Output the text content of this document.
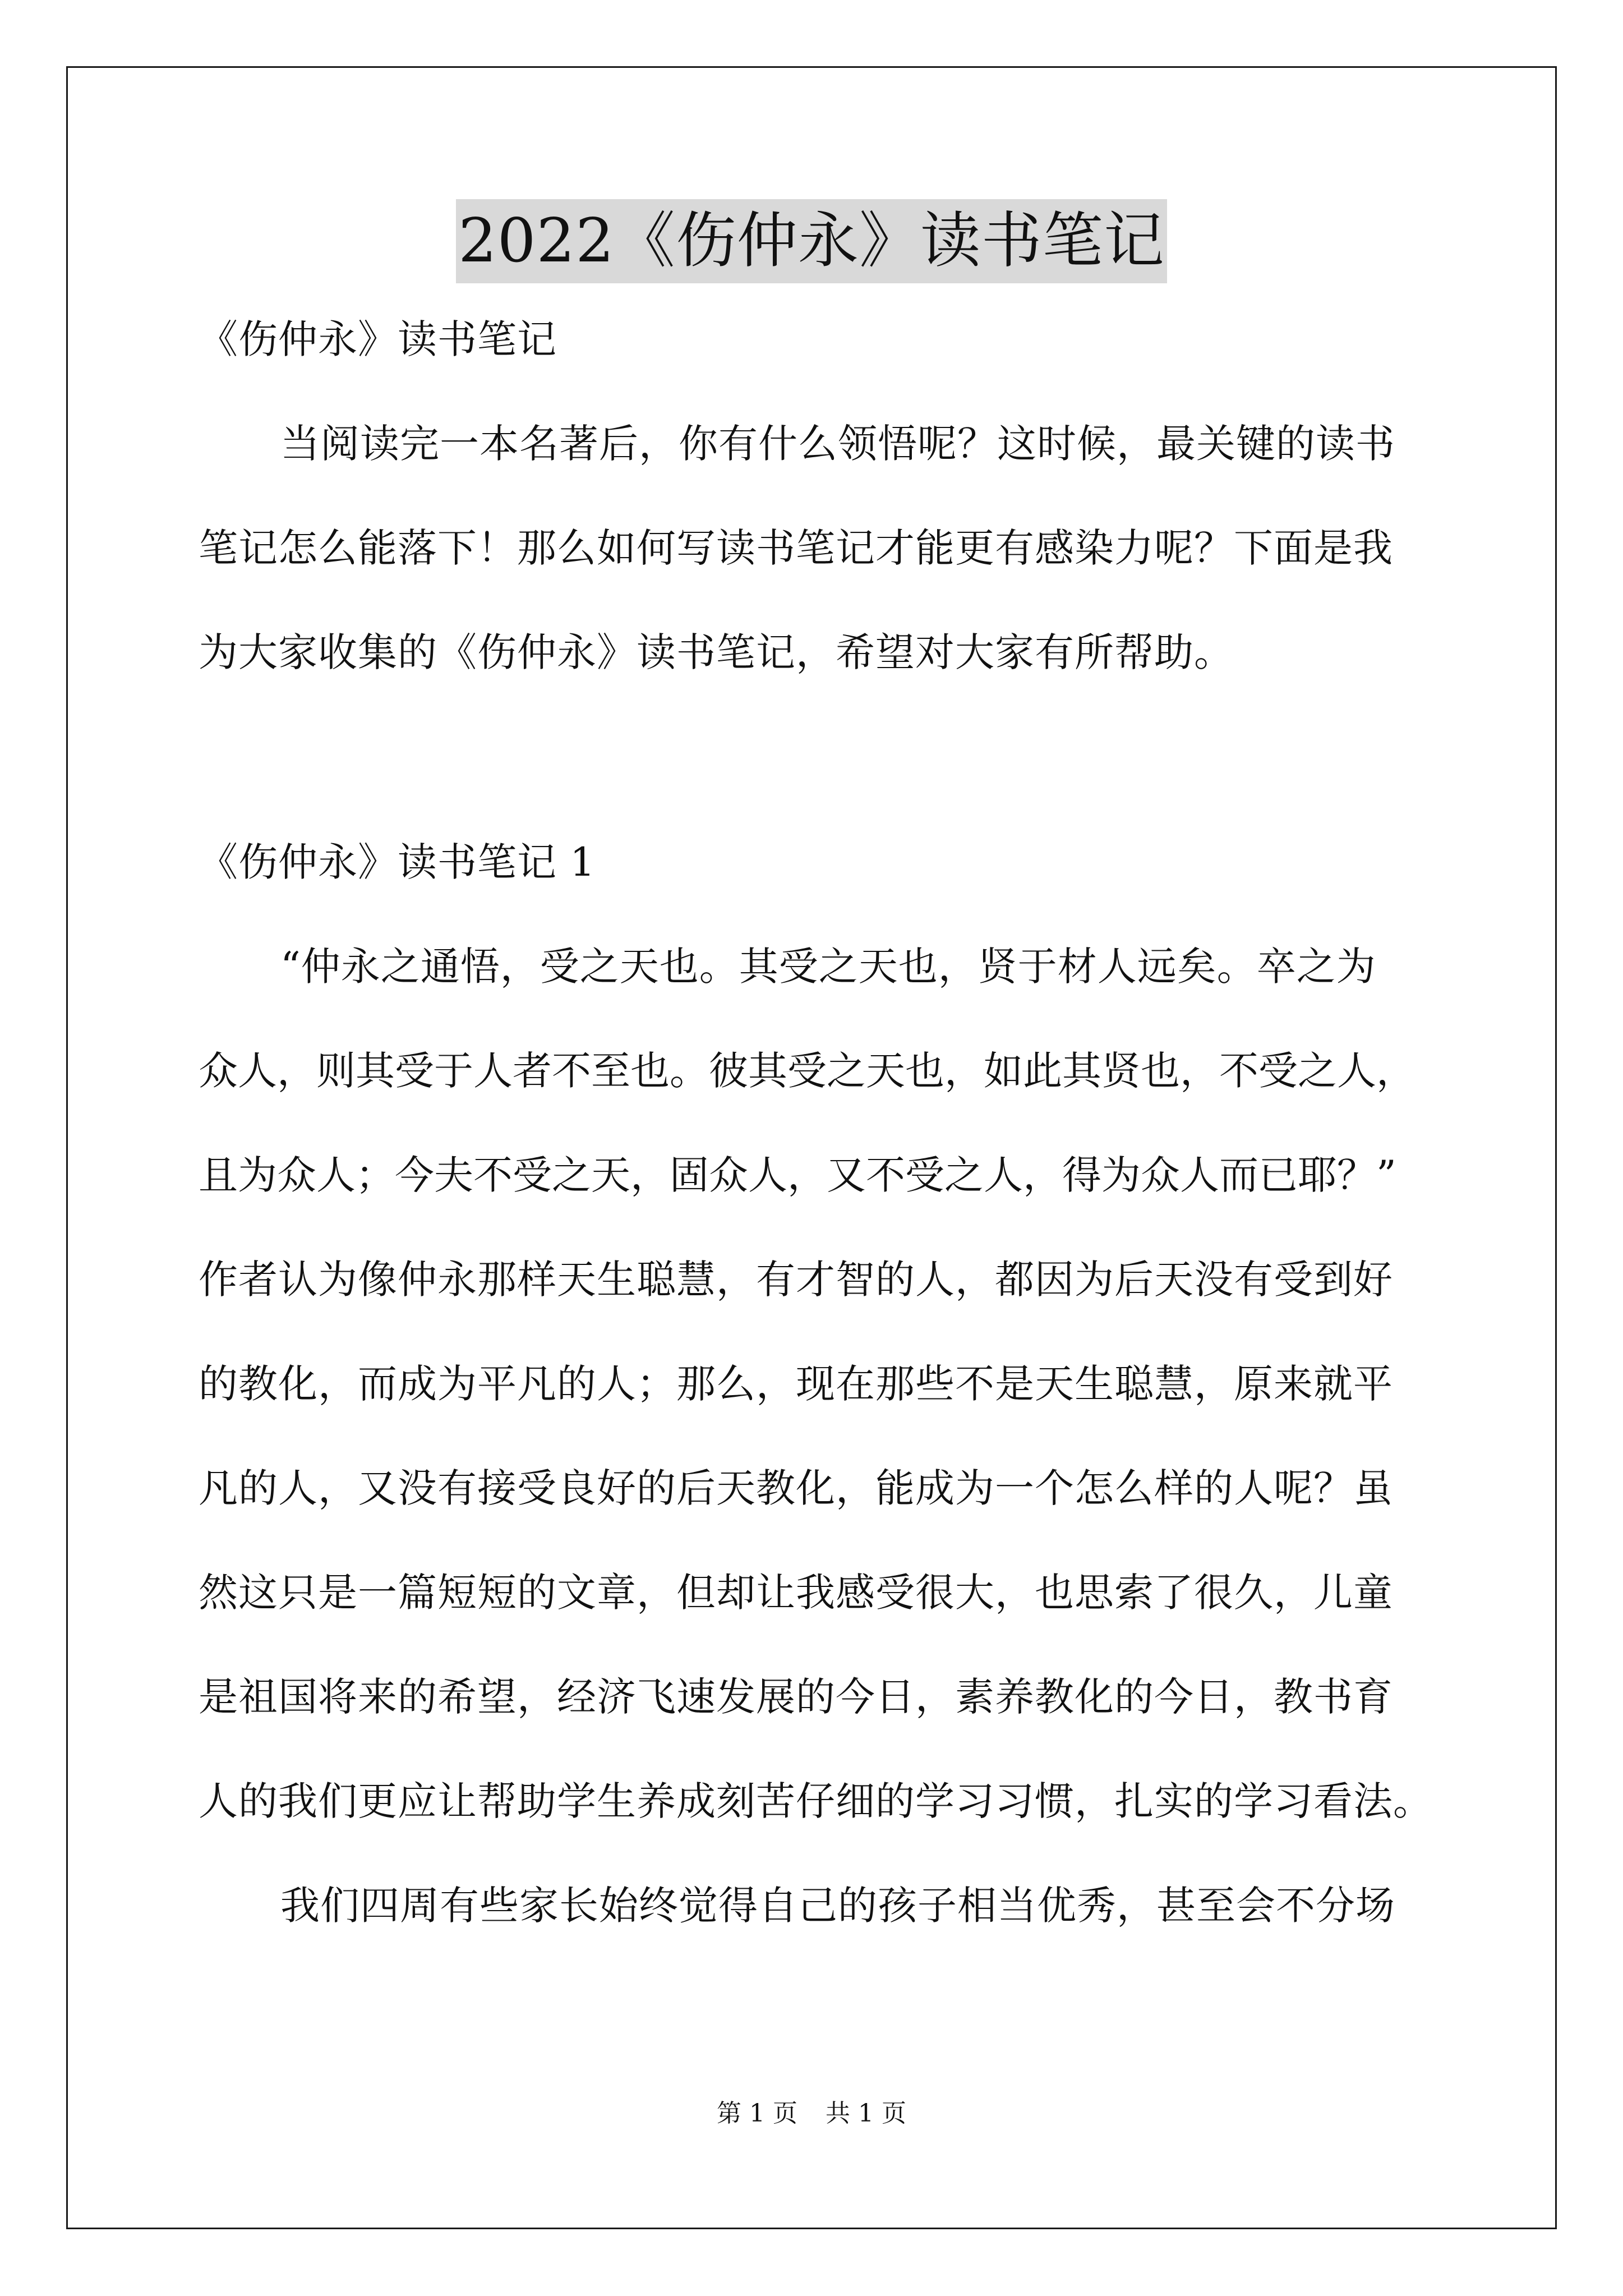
2022《伤仲永》读书笔记
《伤仲永》读书笔记
当阅读完一本名著后，你有什么领悟呢？这时候，最关键的读书
笔记怎么能落下！那么如何写读书笔记才能更有感染力呢？下面是我
为大家收集的《伤仲永》读书笔记，希望对大家有所帮助。
《伤仲永》读书笔记 1
“仲永之通悟，受之天也。其受之天也，贤于材人远矣。卒之为
众人，则其受于人者不至也。彼其受之天也，如此其贤也，不受之人，
且为众人；今夫不受之天，固众人，又不受之人，得为众人而已耶？”
作者认为像仲永那样天生聪慧，有才智的人，都因为后天没有受到好
的教化，而成为平凡的人；那么，现在那些不是天生聪慧，原来就平
凡的人，又没有接受良好的后天教化，能成为一个怎么样的人呢？虽
然这只是一篇短短的文章，但却让我感受很大，也思索了很久，儿童
是祖国将来的希望，经济飞速发展的今日，素养教化的今日，教书育
人的我们更应让帮助学生养成刻苦仔细的学习习惯，扎实的学习看法。
我们四周有些家长始终觉得自己的孩子相当优秀，甚至会不分场
第 1 页 共 1 页
